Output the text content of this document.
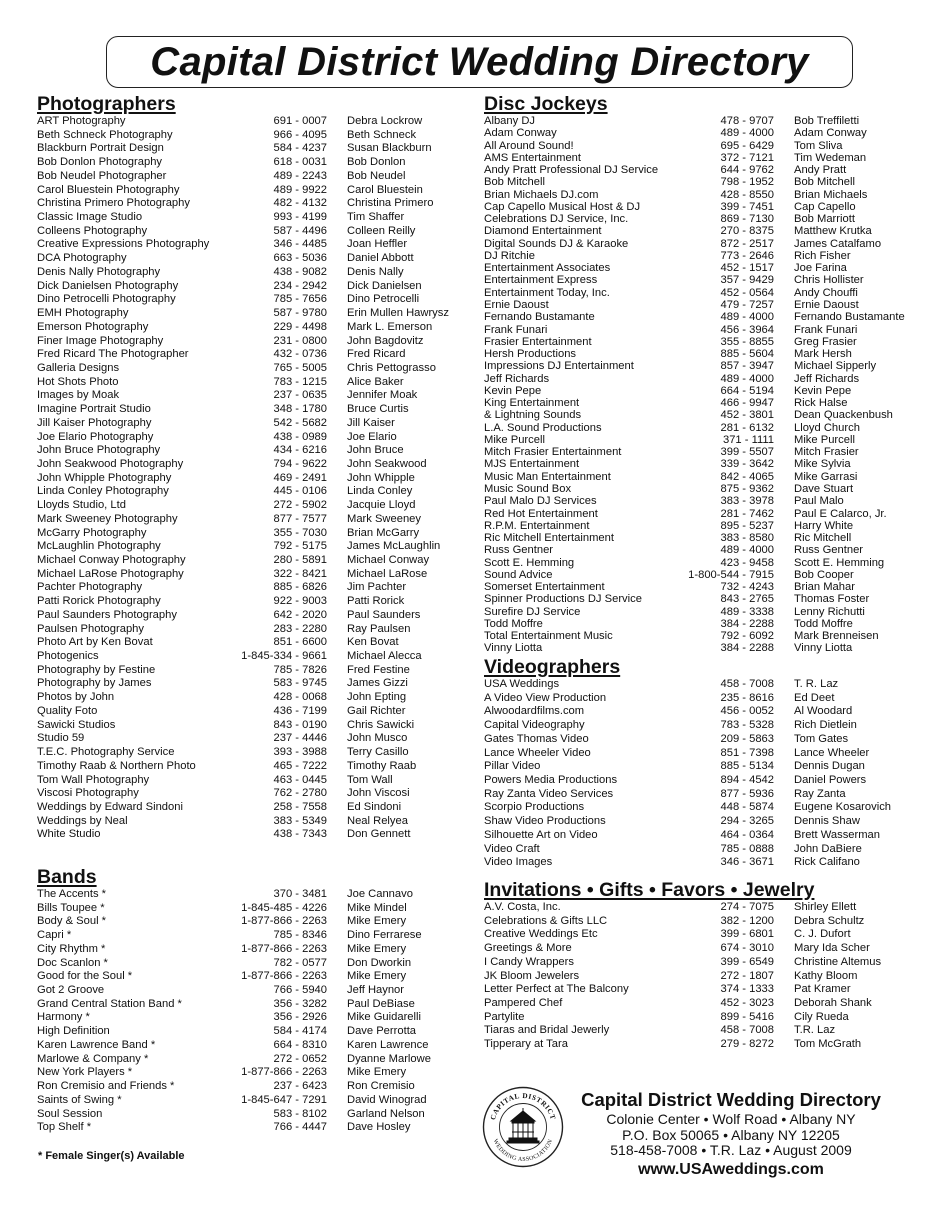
Capital District Wedding Directory
Photographers
ART Photography	691 - 0007 Debra Lockrow
Beth Schneck Photography	966 - 4095 Beth Schneck
Blackburn Portrait Design	584 - 4237 Susan Blackburn
Bob Donlon Photography	618 - 0031 Bob Donlon
Bob Neudel Photographer	489 - 2243 Bob Neudel
Carol Bluestein Photography	489 - 9922 Carol Bluestein
Christina Primero Photography	482 - 4132 Christina Primero
Classic Image Studio	993 - 4199 Tim Shaffer
Colleens Photography	587 - 4496 Colleen Reilly
Creative Expressions Photography	346 - 4485 Joan Heffler
DCA Photography	663 - 5036 Daniel Abbott
Denis Nally Photography	438 - 9082 Denis Nally
Dick Danielsen Photography	234 - 2942 Dick Danielsen
Dino Petrocelli Photography	785 - 7656 Dino Petrocelli
EMH Photography	587 - 9780 Erin Mullen Hawrysz
Emerson Photography	229 - 4498 Mark L. Emerson
Finer Image Photography	231 - 0800 John Bagdovitz
Fred Ricard The Photographer	432 - 0736 Fred Ricard
Galleria Designs	765 - 5005 Chris Pettograsso
Hot Shots Photo	783 - 1215 Alice Baker
Images by Moak	237 - 0635 Jennifer Moak
Imagine Portrait Studio	348 - 1780 Bruce Curtis
Jill Kaiser Photography	542 - 5682 Jill Kaiser
Joe Elario Photography	438 - 0989 Joe Elario
John Bruce Photography	434 - 6216 John Bruce
John Seakwood Photography	794 - 9622 John Seakwood
John Whipple Photography	469 - 2491 John Whipple
Linda Conley Photography	445 - 0106 Linda Conley
Lloyds Studio, Ltd	272 - 5902 Jacquie Lloyd
Mark Sweeney Photography	877 - 7577 Mark Sweeney
McGarry Photography	355 - 7030 Brian McGarry
McLaughlin Photography	792 - 5175 James McLaughlin
Michael Conway Photography	280 - 5891 Michael Conway
Michael LaRose Photography	322 - 8421 Michael LaRose
Pachter Photography	885 - 6826 Jim Pachter
Patti Rorick Photography	922 - 9003 Patti Rorick
Paul Saunders Photography	642 - 2020 Paul Saunders
Paulsen Photography	283 - 2280 Ray Paulsen
Photo Art by Ken Bovat	851 - 6600 Ken Bovat
Photogenics	1-845-334 - 9661 Michael Alecca
Photography by Festine	785 - 7826 Fred Festine
Photography by James	583 - 9745 James Gizzi
Photos by John	428 - 0068 John Epting
Quality Foto	436 - 7199 Gail Richter
Sawicki Studios	843 - 0190 Chris Sawicki
Studio 59	237 - 4446 John Musco
T.E.C. Photography Service	393 - 3988 Terry Casillo
Timothy Raab & Northern Photo	465 - 7222 Timothy Raab
Tom Wall Photography	463 - 0445 Tom Wall
Viscosi Photography	762 - 2780 John Viscosi
Weddings by Edward Sindoni	258 - 7558 Ed Sindoni
Weddings by Neal	383 - 5349 Neal Relyea
White Studio	438 - 7343 Don Gennett
Bands
The Accents *	370 - 3481 Joe Cannavo
Bills Toupee *	1-845-485 - 4226 Mike Mindel
Body & Soul *	1-877-866 - 2263 Mike Emery
Capri *	785 - 8346 Dino Ferrarese
City Rhythm *	1-877-866 - 2263 Mike Emery
Doc Scanlon *	782 - 0577 Don Dworkin
Good for the Soul *	1-877-866 - 2263 Mike Emery
Got 2 Groove	766 - 5940 Jeff Haynor
Grand Central Station Band *	356 - 3282 Paul DeBiase
Harmony *	356 - 2926 Mike Guidarelli
High Definition	584 - 4174 Dave Perrotta
Karen Lawrence Band *	664 - 8310 Karen Lawrence
Marlowe & Company *	272 - 0652 Dyanne Marlowe
New York Players *	1-877-866 - 2263 Mike Emery
Ron Cremisio and Friends *	237 - 6423 Ron Cremisio
Saints of Swing *	1-845-647 - 7291 David Winograd
Soul Session	583 - 8102 Garland Nelson
Top Shelf *	766 - 4447 Dave Hosley
Disc Jockeys
Albany DJ	478 - 9707 Bob Treffiletti
Adam Conway	489 - 4000 Adam Conway
All Around Sound!	695 - 6429 Tom Sliva
AMS Entertainment	372 - 7121 Tim Wedeman
Andy Pratt Professional DJ Service	644 - 9762 Andy Pratt
Bob Mitchell	798 - 1952 Bob Mitchell
Brian Michaels DJ.com	428 - 8550 Brian Michaels
Cap Capello Musical Host & DJ	399 - 7451 Cap Capello
Celebrations DJ Service, Inc.	869 - 7130 Bob Marriott
Diamond Entertainment	270 - 8375 Matthew Krutka
Digital Sounds DJ & Karaoke	872 - 2517 James Catalfamo
DJ Ritchie	773 - 2646 Rich Fisher
Entertainment Associates	452 - 1517 Joe Farina
Entertainment Express	357 - 9429 Chris Hollister
Entertainment Today, Inc.	452 - 0564 Andy Chouffi
Ernie Daoust	479 - 7257 Ernie Daoust
Fernando Bustamante	489 - 4000 Fernando Bustamante
Frank Funari	456 - 3964 Frank Funari
Frasier Entertainment	355 - 8855 Greg Frasier
Hersh Productions	885 - 5604 Mark Hersh
Impressions DJ Entertainment	857 - 3947 Michael Sipperly
Jeff Richards	489 - 4000 Jeff Richards
Kevin Pepe	664 - 5194 Kevin Pepe
King Entertainment	466 - 9947 Rick Halse
& Lightning Sounds	452 - 3801 Dean Quackenbush
L.A. Sound Productions	281 - 6132 Lloyd Church
Mike Purcell	371 - 1111 Mike Purcell
Mitch Frasier Entertainment	399 - 5507 Mitch Frasier
MJS Entertainment	339 - 3642 Mike Sylvia
Music Man Entertainment	842 - 4065 Mike Garrasi
Music Sound Box	875 - 9362 Dave Stuart
Paul Malo DJ Services	383 - 3978 Paul Malo
Red Hot Entertainment	281 - 7462 Paul E Calarco, Jr.
R.P.M. Entertainment	895 - 5237 Harry White
Ric Mitchell Entertainment	383 - 8580 Ric Mitchell
Russ Gentner	489 - 4000 Russ Gentner
Scott E. Hemming	423 - 9458 Scott E. Hemming
Sound Advice	1-800-544 - 7915 Bob Cooper
Somerset Entertainment	732 - 4243 Brian Mahar
Spinner Productions DJ Service	843 - 2765 Thomas Foster
Surefire DJ Service	489 - 3338 Lenny Richutti
Todd Moffre	384 - 2288 Todd Moffre
Total Entertainment Music	792 - 6092 Mark Brenneisen
Vinny Liotta	384 - 2288 Vinny Liotta
Videographers
USA Weddings	458 - 7008 T. R. Laz
A Video View Production	235 - 8616 Ed Deet
Alwoodardfilms.com	456 - 0052 Al Woodard
Capital Videography	783 - 5328 Rich Dietlein
Gates Thomas Video	209 - 5863 Tom Gates
Lance Wheeler Video	851 - 7398 Lance Wheeler
Pillar Video	885 - 5134 Dennis Dugan
Powers Media Productions	894 - 4542 Daniel Powers
Ray Zanta Video Services	877 - 5936 Ray Zanta
Scorpio Productions	448 - 5874 Eugene Kosarovich
Shaw Video Productions	294 - 3265 Dennis Shaw
Silhouette Art on Video	464 - 0364 Brett Wasserman
Video Craft	785 - 0888 John DaBiere
Video Images	346 - 3671 Rick Califano
Invitations • Gifts • Favors • Jewelry
A.V. Costa, Inc.	274 - 7075 Shirley Ellett
Celebrations & Gifts LLC	382 - 1200 Debra Schultz
Creative Weddings Etc	399 - 6801 C. J. Dufort
Greetings & More	674 - 3010 Mary Ida Scher
I Candy Wrappers	399 - 6549 Christine Altemus
JK Bloom Jewelers	272 - 1807 Kathy Bloom
Letter Perfect at The Balcony	374 - 1333 Pat Kramer
Pampered Chef	452 - 3023 Deborah Shank
Partylite	899 - 5416 Cily Rueda
Tiaras and Bridal Jewerly	458 - 7008 T.R. Laz
Tipperary at Tara	279 - 8272 Tom McGrath
* Female Singer(s) Available
CAPITAL DISTRICT
WEDDING ASSOCIATION
Capital District Wedding Directory
Colonie Center • Wolf Road • Albany NY
P.O. Box 50065 • Albany NY 12205
518-458-7008 • T.R. Laz • August 2009
www.USAweddings.com
